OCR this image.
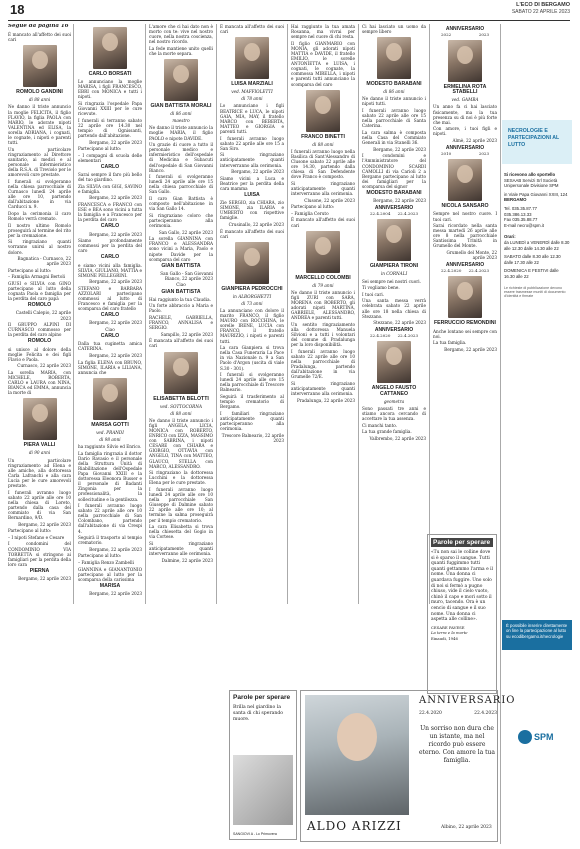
18	L'ECO DI BERGAMO
SABATO 22 APRILE 2023
Segue da pagina 16

È mancato all'affetto dei suoi cari

ROMOLO GANDINI
di 88 anni

Ne danno il triste annuncio la moglie FELICITA, il figlio FLAVIO, la figlia PAOLA con MARIO, le adorate nipoti VALENTINA ed ELISA, la sorella ADRIANA, i cognati, le cognate, i nipoti e parenti tutti.

Un particolare ringraziamento al Direttore sanitario, ai medici e al personale infermieristico della R.S.A. di Treviolo per le amorevoli cure prestate.

I funerali si svolgeranno nella chiesa parrocchiale di Curnasco lunedì 24 aprile alle ore 10, partendo dall'abitazione in via Carducci n. 9.

Dopo la cerimonia il caro Romolo verrà cremato.

Il nostro ultimo Romolo proseguirà al termine del rito per la cremazione.

Si ringraziano quanti vorranno unirsi al nostro dolore.

Bagnatica - Curnasco, 22 aprile 2023

Partecipano al lutto:

– Famiglia Armagni Bertoli

GIUSI e SILVIA con GINO partecipano al lutto della cognata Paola e famiglia per la perdita del caro papà

ROMOLO

Castelli Calepio, 22 aprile 2023

Il GRUPPO ALPINI DI CURNASCO commosso per la perdita del caro alpino

ROMOLO

si unisce al dolore della moglie Felicita e dei figli Flavio e Paola.

Curnasco, 22 aprile 2023

La sorella MARIA, con MICHELE, ROBERTA, CARLO e LAURA con NINA, BIANCA ed EMMA, annuncia la morte di

PIERA VALLI
di 90 anni

Un particolare ringraziamento ad Elena e alle amiche, alla dottoressa Carla Lafranchi e alla cara Lucia per le cure amorevoli prestate.

I funerali avranno luogo sabato 22 aprile alle ore 10 nella chiesa di Loreto, partendo dalla casa del commiato di via San Bernardino, 9/D.

Bergamo, 22 aprile 2023

Partecipano al lutto:

– I nipoti Stefano e Cesare

I condomini del CONDOMINIO VIA TORRETTA si stringono ai famigliari per la perdita della loro cara

PIERNA

Bergamo, 22 aprile 2023

CARLO BORSATI

Lo annunciano la moglie MARISA, i figli FRANCESCO, EBRI con MONICA e tutti i nipoti.

Si ringrazia l'ospedale Papa Giovanni XXIII per le cure ricevute.

I funerali si terranno sabato 22 aprile ore 14.30 nel tempio di Ognissanti, partendo dall'abitazione.

Bergamo, 22 aprile 2023

Partecipano al lutto:

– I compagni di scuola delle elementari

CARLO

Sarai sempre il faro più bello del tuo giardino.

Zia SILVIA con GIGI, SAVINO e famiglia.

Bergamo, 22 aprile 2023

FRANCESCA e FRANCO con ESE e BEA sono vicini a tutta la famiglia e a Francesco per la perdita del caro

CARLO

Bergamo, 22 aprile 2023

Siamo profondamente commossi per la perdita del caro

CARLO

e siamo vicini alla famiglia. SILVIA, GIULIANO, MATTIA e SIMONE PELLEGRINI.

Bergamo, 22 aprile 2023

STEFANO e BARBARA AZZOLARI partecipano commossi al lutto di Francesco e famiglia per la scomparsa del caro fratello

CARLO

Bergamo, 22 aprile 2023

Ciao

CARLO

Dalla tua cuginetta amica CATERINA.

Bergamo, 22 aprile 2023

La figlia ELENA con BRUNO, SIMONE, ILARIA e LILIANA, annuncia che

MARISA GOTTI
ved. PRANDI
di 98 anni

ha raggiunto Silvio ed Enrico.

La famiglia ringrazia il dottor Dario Ravasio e il personale della Struttura Unità di Riabilitazione dell'Ospedale Papa Giovanni XXIII e la dottoressa Eleonora Busser e il personale di Badanti Zingonia per la professionalità, la sollecitudine e la gentilezza.

I funerali avranno luogo sabato 22 aprile alle ore 10 nella parrocchiale di San Colombano, partendo dall'abitazione di via Crespi 4.

Seguirà il trasporto al tempio crematorio.

Bergamo, 22 aprile 2023

Partecipano al lutto:

– Famiglia Renzo Zambelli

GIANNINA e GIANANTONIO partecipano al lutto per la scomparsa della carissima

MARISA

Bergamo, 22 aprile 2023

L'amore che ci hai dato non è morto con te: vive nel nostro cuore, nella nostra coscienza, nel nostro ricordo.

La fede mantiene unito quelli che la morte separa.

GIAN BATTISTA MORALI
di 86 anni
maestro

Ne danno il triste annuncio la moglie MARIA, il figlio PAOLO e nipote DAVIDE.

Un grazie di cuore a tutto il personale medico e infermieristico dell'ospedale di Medicina e Subacuti dell'ospedale di San Giovanni Bianco.

I funerali si svolgeranno lunedì 24 aprile alle ore 15 nella chiesa parrocchiale di San Gallo.

Il caro Gian Battista è composto nell'abitazione in via San Gallo 14.

Si ringraziano coloro che parteciperanno alla cerimonia.

San Gallo, 22 aprile 2023

La sorella GIANNINA con FRANCO e ALESSANDRA sono vicini a Maria, Paolo e nipote Davide per la scomparsa del caro

GIAN BATTISTA

San Gallo - San Giovanni Bianco, 22 aprile 2023

Ciao

GIAN BATTISTA

Hai raggiunto la tua Claudia.

Un forte abbraccio a Maria e Paolo.

RACHELE, GABRIELLA, FRANCO, ANNALISA e SERGIO.

Sampillo, 22 aprile 2023

È mancata all'affetto dei suoi cari

ELISABETTA BELOTTI
ved. SOTTOCORNA
di 88 anni

Ne danno il triste annuncio i figli ANGELA, LICIA, MONICA con ROBERTO, ENRICO con IZZA, MASSIMO con SABRINA, i nipoti CESARE con CHIARA e GIORGIO, OTTAVIA con ANGELO, TINA con MATTEO, GLAUCO, STELLA con MARCO, ALESSANDRO.

Si ringraziano la dottoressa Lucchini e la dottoressa Elena per le cure prestate.

I funerali avranno luogo lunedì 24 aprile alle ore 10 nella parrocchiale San Giuseppe di Dalmine sabato 22 aprile alle ore 10; al termine la salma proseguirà per il tempio crematorio.

La cara Elisabetta si trova nella chiesetta del Gogio in via Cortese.

Si ringraziano anticipatamente quanti interverranno alle cerimonia.

Dalmine, 22 aprile 2023

È mancata all'affetto dei suoi cari

LUISA MARZIALI
ved. MAFFIOLETTI
di 78 anni

Lo annunciano i figli BEATRICE e LUCA, le nipoti GAIA, MIA, MAY, il fratello MARCO con BEBERTA, MATTEO e GIORGIA e parenti tutti.

I funerali avranno luogo sabato 22 aprile alle ore 15 a San Siro.

Si ringraziano anticipatamente quanti interverranno alla cerimonia.

Bergamo, 22 aprile 2023

Siamo vicini a Luca e Beatrice per la perdita della cara mamma

LUISA

Zie SERGIO, zia CHIARA, zio SIMONE, zia ILARIA e UMBERTO con rispettive famiglie.

Crusinallo, 22 aprile 2023

È mancato all'affetto dei suoi cari

GIANPIERA PEDROCCHI
in ALBORGHETTI
di 73 anni

La annunciano con dolore il marito FRANCO, il figlio MAURO con ROCCHINA, le sorelle IRENE, LUCIA con FRANCO, il fratello MAURIZIO, i nipoti e parenti tutti.

La cara Gianpiera si trova nella Casa Funeraria La Pace in via Nazionale n. 9 a San Paolo d'Argon (uscita di viale S.30 - 301).

I funerali si svolgeranno lunedì 24 aprile alle ore 15 nella parrocchiale di Trescore Balneario.

Seguirà il trasferimento al tempio crematorio di Bergamo.

I familiari ringraziano anticipatamente quanti parteciperanno alla cerimonia.

Trescore Balneario, 22 aprile 2023

Parole per sperare
Brilla nel giardino la santa di chi sperando muore.
SANGIOVI A - Lo Primovera

Hai raggiunto la tua amata Rosanna, ma vivrai per sempre nel cuore di chi resta.

Il figlio GIANMARIO con MONIA, gli adorati nipoti MATTIA e DAVIDE, il fratello EMILIO, le sorelle ANTONIETTA e LUISA, i cognati, le cognate, la commossa MIRELLA, i nipoti e parenti tutti annunciano la scomparsa del caro

FRANCO BINETTI
di 88 anni

I funerali avranno luogo nella Basilica di Sant'Alessandro di Clusone sabato 22 aprile alle ore 14.30, partendo dalla chiesa di San Defendente dove Franco è composto.

Si ringraziano anticipatamente quanti interverranno alla cerimonia.

Clusone, 22 aprile 2023

Partecipano al lutto:

– Famiglia Ceruto

È mancato all'affetto dei suoi cari

MARCELLO COLOMBI
di 79 anni

Ne danno il triste annuncio i figli ZURI con SARA, MORENA con ROBERTO, gli adorati nipoti MARTINA, GABRIELE, ALESSANDRO, ANDREA e parenti tutti.

Un sentito ringraziamento alla dottoressa Manuela Silvioni e a tutti i volontari del comune di Pradalunga per la loro disponibilità.

I funerali avranno luogo sabato 22 aprile alle ore 10 nella parrocchiale di Pradalunga, partendo dall'abitazione in via Grumelle 72/E.

Si ringraziano anticipatamente quanti interverranno alla cerimonia.

Pradalunga, 22 aprile 2023

Ci hai lasciato un uomo da sempre libero

MODESTO BARABANI
di 86 anni

Ne danno il triste annuncio i nipoti tutti.

I funerali avranno luogo sabato 22 aprile alle ore 15 nella parrocchiale di Santa Caterina.

La cara salma è composta nella Casa del Commiato Generali in via Stanelli 36.

Bergamo, 22 aprile 2023

I condomini e l'Amministratore del CONDOMINIO SCARDI CAMOLLI di via Carioli 2 a Bergamo partecipano al lutto dei famigliari per la scomparsa del signor

MODESTO BARABANI

Bergamo, 22 aprile 2023

ANNIVERSARIO
22.4.2004 22.4.2023
GIAMPIERA TIRONI
in CORNALI

Sei sempre nei nostri cuori.

Ti vogliamo bene.

I tuoi cari.

Una santa messa verrà celebrata sabato 22 aprile alle ore 18 nella chiesa di Stezzano.

Stezzano, 22 aprile 2023

ANNIVERSARIO
22.4.2020 22.4.2023
ANGELO FAUSTO CATTANEO
geometra

Sono passati tre anni e stiamo ancora cercando di accettare la tua assenza.

Ci manchi tanto.

La tua grande famiglia.

Valbrembo, 22 aprile 2023

ANNIVERSARIO
2022	2023
ERMELINA ROTA STABELLI
ved. GAMBA

Un anno fa ci hai lasciato fisicamente, ma la tua presenza su di noi è più forte che mai.

Con amore, i tuoi figli e nipoti.

Almè, 22 aprile 2023

ANNIVERSARIO
2010	2023
NICOLA SANSARO

Sempre nel nostro cuore. I tuoi cari.

Sarai ricordato nella santa messa martedì 26 aprile alle ore 8 nella parrocchiale Santissima Trinità in Grumello del Monte.

Grumello del Monte, 22 aprile 2023

ANNIVERSARIO
22.4.2020 22.4.2023
FERRUCCIO REMONDINI

Anche lontano sei sempre con noi.

La tua famiglia.

Bergamo, 22 aprile 2023

Parole per sperare
«Tu non sai le colline dove si è sparso il sangue. Tutti quanti fuggimmo tutti quanti gettammo l'arma e il nome. Una donna ci guardava fuggire. Uno solo di noi si fermò a pugno chiuso, vide il cielo vuoto, chinò il capo e morì sotto il muro, tacendo. Ora è un cencio di sangue e il suo nome. Una donna ci aspetta alle colline».
CESARE PAVESE
La terra e la morte
Einaudi, 1946
ANNIVERSARIO
22.4.2020	22.4.2023
Un sorriso non dura che un istante, ma nel ricordo può essere eterno. Con amore la tua famiglia.
ALDO ARIZZI	Albino, 22 aprile 2023
NECROLOGIE E PARTECIPAZIONI AL LUTTO
Si ricevono allo sportello
SESAAB Servizi Srl Società Unipersonale Divisione SPM
in Viale Papa Giovanni XXIII, 124
BERGAMO
Tel. 035.35.87.77
035.386.13.33
Fax 035.35.88.77
E-mail necro@spm.it
Orari:
da LUNEDÌ a VENERDÌ dalle 8.30 alle 12.30 dalle 14.30 alle 22
SABATO dalle 8.30 alle 12.30 dalle 17.30 alle 22
DOMENICA E FESTIVI dalle 16.30 alle 22
Le richieste di pubblicazione devono essere trasmesse muniti di documento d'identità e firmate
È possibile inserire direttamente on line la partecipazione al lutto su ecodibergamo.it/necrologie
SPM
